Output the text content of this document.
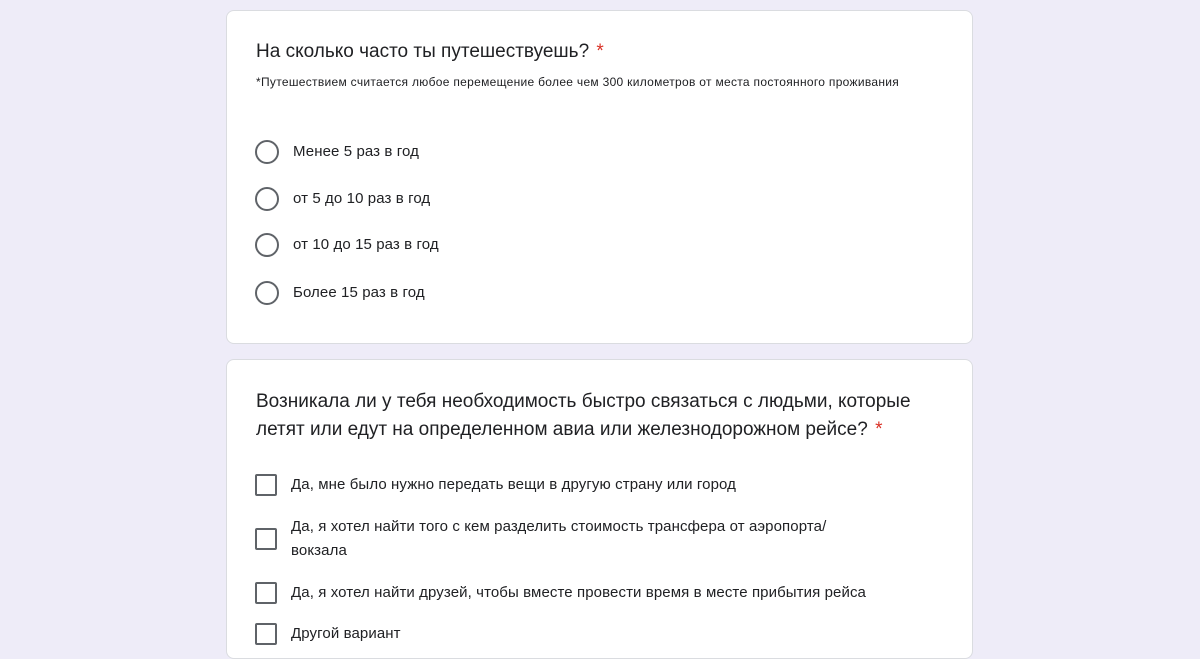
На сколько часто ты путешествуешь? *
*Путешествием считается любое перемещение более чем 300 километров от места постоянного проживания
Менее 5 раз в год
от 5 до 10 раз в год
от 10 до 15 раз в год
Более 15 раз в год
Возникала ли у тебя необходимость быстро связаться с людьми, которые летят или едут на определенном авиа или железнодорожном рейсе? *
Да, мне было нужно передать вещи в другую страну или город
Да, я хотел найти того с кем разделить стоимость трансфера от аэропорта/вокзала
Да, я хотел найти друзей, чтобы вместе провести время в месте прибытия рейса
Другой вариант
